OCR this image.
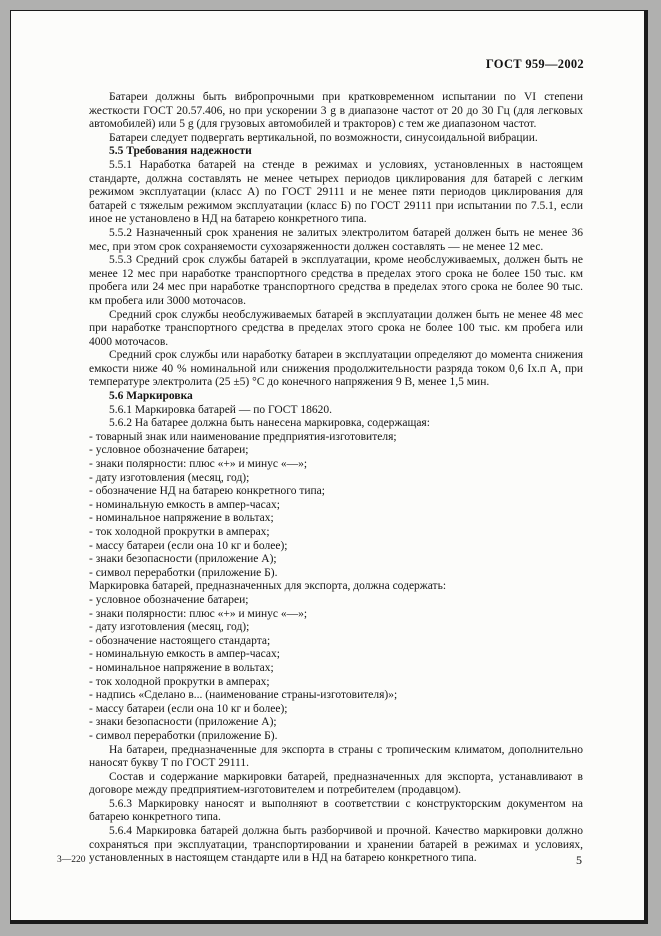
ГОСТ 959—2002

Батареи должны быть вибропрочными при кратковременном испытании по VI степени жесткости ГОСТ 20.57.406, но при ускорении 3 g в диапазоне частот от 20 до 30 Гц (для легковых автомобилей) или 5 g (для грузовых автомобилей и тракторов) с тем же диапазоном частот.

Батареи следует подвергать вертикальной, по возможности, синусоидальной вибрации.

5.5 Требования надежности

5.5.1 Наработка батарей на стенде в режимах и условиях, установленных в настоящем стандарте, должна составлять не менее четырех периодов циклирования для батарей с легким режимом эксплуатации (класс А) по ГОСТ 29111 и не менее пяти периодов циклирования для батарей с тяжелым режимом эксплуатации (класс Б) по ГОСТ 29111 при испытании по 7.5.1, если иное не установлено в НД на батарею конкретного типа.

5.5.2 Назначенный срок хранения не залитых электролитом батарей должен быть не менее 36 мес, при этом срок сохраняемости сухозаряженности должен составлять — не менее 12 мес.

5.5.3 Средний срок службы батарей в эксплуатации, кроме необслуживаемых, должен быть не менее 12 мес при наработке транспортного средства в пределах этого срока не более 150 тыс. км пробега или 24 мес при наработке транспортного средства в пределах этого срока не более 90 тыс. км пробега или 3000 моточасов.

Средний срок службы необслуживаемых батарей в эксплуатации должен быть не менее 48 мес при наработке транспортного средства в пределах этого срока не более 100 тыс. км пробега или 4000 моточасов.

Средний срок службы или наработку батареи в эксплуатации определяют до момента снижения емкости ниже 40 % номинальной или снижения продолжительности разряда током 0,6 Iх.п А, при температуре электролита (25 ±5) °С до конечного напряжения 9 В, менее 1,5 мин.

5.6 Маркировка

5.6.1 Маркировка батарей — по ГОСТ 18620.

5.6.2 На батарее должна быть нанесена маркировка, содержащая:

- товарный знак или наименование предприятия-изготовителя;

- условное обозначение батареи;

- знаки полярности: плюс «+» и минус «—»;

- дату изготовления (месяц, год);

- обозначение НД на батарею конкретного типа;

- номинальную емкость в ампер-часах;

- номинальное напряжение в вольтах;

- ток холодной прокрутки в амперах;

- массу батареи (если она 10 кг и более);

- знаки безопасности (приложение А);

- символ переработки (приложение Б).

Маркировка батарей, предназначенных для экспорта, должна содержать:

- условное обозначение батареи;

- знаки полярности: плюс «+» и минус «—»;

- дату изготовления (месяц, год);

- обозначение настоящего стандарта;

- номинальную емкость в ампер-часах;

- номинальное напряжение в вольтах;

- ток холодной прокрутки в амперах;

- надпись «Сделано в... (наименование страны-изготовителя)»;

- массу батареи (если она 10 кг и более);

- знаки безопасности (приложение А);

- символ переработки (приложение Б).

На батареи, предназначенные для экспорта в страны с тропическим климатом, дополнительно наносят букву Т по ГОСТ 29111.

Состав и содержание маркировки батарей, предназначенных для экспорта, устанавливают в договоре между предприятием-изготовителем и потребителем (продавцом).

5.6.3 Маркировку наносят и выполняют в соответствии с конструкторским документом на батарею конкретного типа.

5.6.4 Маркировка батарей должна быть разборчивой и прочной. Качество маркировки должно сохраняться при эксплуатации, транспортировании и хранении батарей в режимах и условиях, установленных в настоящем стандарте или в НД на батарею конкретного типа.

3—220	5
